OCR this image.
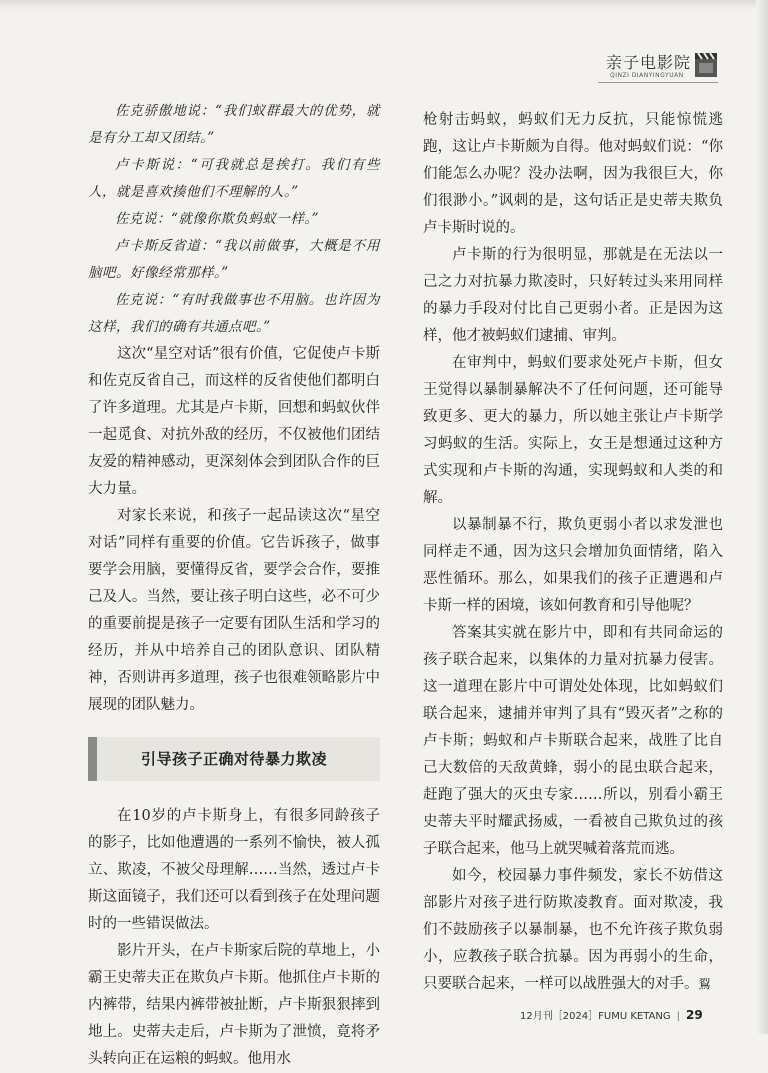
亲子电影院
QINZI DIANYINGYUAN

佐克骄傲地说：“我们蚁群最大的优势，就是有分工却又团结。”

卢卡斯说：“可我就总是挨打。我们有些人，就是喜欢揍他们不理解的人。”

佐克说：“就像你欺负蚂蚁一样。”

卢卡斯反省道：“我以前做事，大概是不用脑吧。好像经常那样。”

佐克说：“有时我做事也不用脑。也许因为这样，我们的确有共通点吧。”

这次“星空对话”很有价值，它促使卢卡斯和佐克反省自己，而这样的反省使他们都明白了许多道理。尤其是卢卡斯，回想和蚂蚁伙伴一起觅食、对抗外敌的经历，不仅被他们团结友爱的精神感动，更深刻体会到团队合作的巨大力量。

对家长来说，和孩子一起品读这次“星空对话”同样有重要的价值。它告诉孩子，做事要学会用脑，要懂得反省，要学会合作，要推己及人。当然，要让孩子明白这些，必不可少的重要前提是孩子一定要有团队生活和学习的经历，并从中培养自己的团队意识、团队精神，否则讲再多道理，孩子也很难领略影片中展现的团队魅力。

引导孩子正确对待暴力欺凌

在10岁的卢卡斯身上，有很多同龄孩子的影子，比如他遭遇的一系列不愉快，被人孤立、欺凌，不被父母理解……当然，透过卢卡斯这面镜子，我们还可以看到孩子在处理问题时的一些错误做法。

影片开头，在卢卡斯家后院的草地上，小霸王史蒂夫正在欺负卢卡斯。他抓住卢卡斯的内裤带，结果内裤带被扯断，卢卡斯狠狠摔到地上。史蒂夫走后，卢卡斯为了泄愤，竟将矛头转向正在运粮的蚂蚁。他用水

枪射击蚂蚁，蚂蚁们无力反抗，只能惊慌逃跑，这让卢卡斯颇为自得。他对蚂蚁们说：“你们能怎么办呢？没办法啊，因为我很巨大，你们很渺小。”讽刺的是，这句话正是史蒂夫欺负卢卡斯时说的。

卢卡斯的行为很明显，那就是在无法以一己之力对抗暴力欺凌时，只好转过头来用同样的暴力手段对付比自己更弱小者。正是因为这样，他才被蚂蚁们逮捕、审判。

在审判中，蚂蚁们要求处死卢卡斯，但女王觉得以暴制暴解决不了任何问题，还可能导致更多、更大的暴力，所以她主张让卢卡斯学习蚂蚁的生活。实际上，女王是想通过这种方式实现和卢卡斯的沟通，实现蚂蚁和人类的和解。

以暴制暴不行，欺负更弱小者以求发泄也同样走不通，因为这只会增加负面情绪，陷入恶性循环。那么，如果我们的孩子正遭遇和卢卡斯一样的困境，该如何教育和引导他呢？

答案其实就在影片中，即和有共同命运的孩子联合起来，以集体的力量对抗暴力侵害。这一道理在影片中可谓处处体现，比如蚂蚁们联合起来，逮捕并审判了具有“毁灭者”之称的卢卡斯；蚂蚁和卢卡斯联合起来，战胜了比自己大数倍的天敌黄蜂，弱小的昆虫联合起来，赶跑了强大的灭虫专家……所以，别看小霸王史蒂夫平时耀武扬威，一看被自己欺负过的孩子联合起来，他马上就哭喊着落荒而逃。

如今，校园暴力事件频发，家长不妨借这部影片对孩子进行防欺凌教育。面对欺凌，我们不鼓励孩子以暴制暴，也不允许孩子欺负弱小，应教孩子联合抗暴。因为再弱小的生命，只要联合起来，一样可以战胜强大的对手。鴷

12月刊［2024］FUMU KETANG | 29
